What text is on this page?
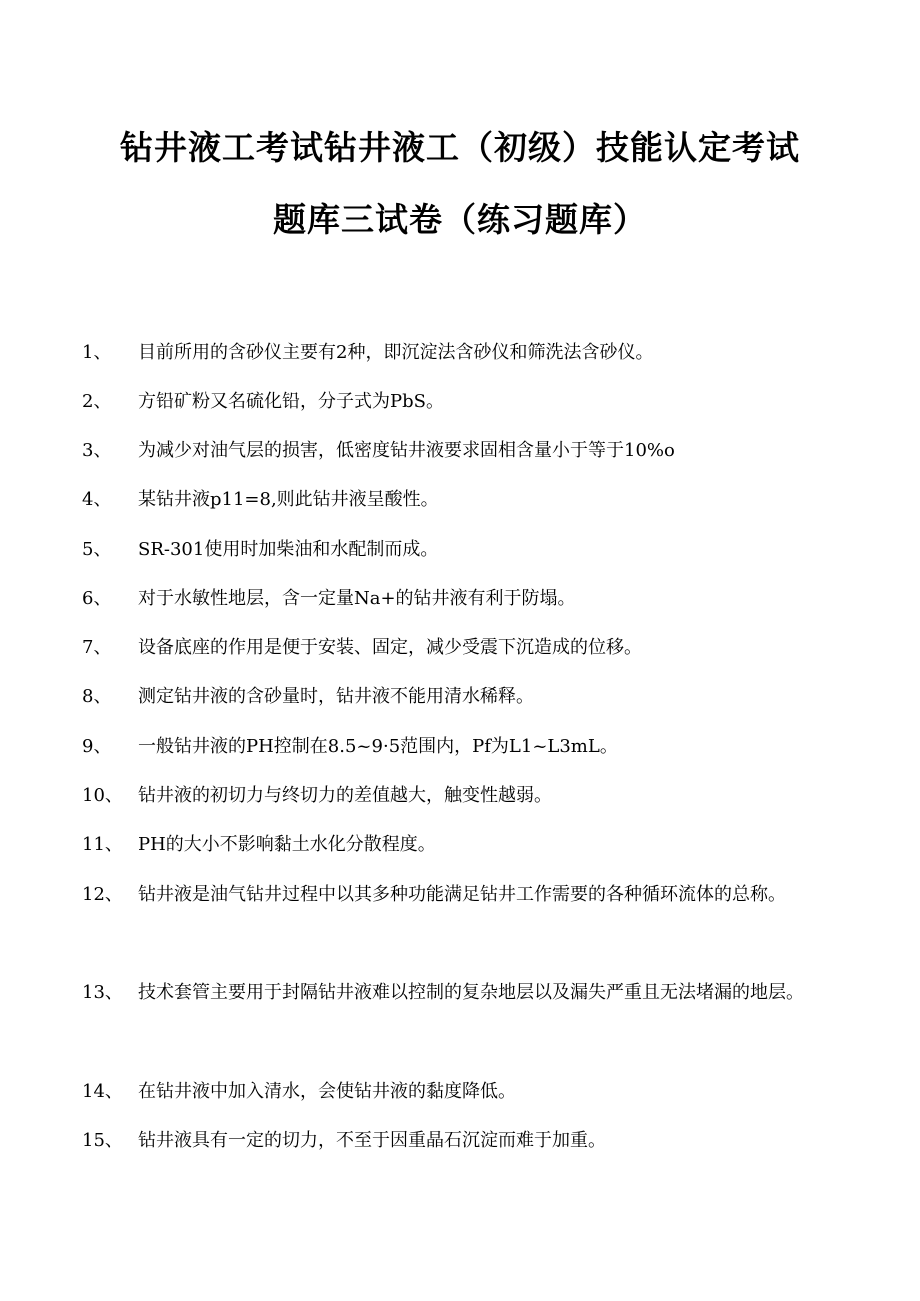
钻井液工考试钻井液工（初级）技能认定考试
题库三试卷（练习题库）
1、	目前所用的含砂仪主要有2种，即沉淀法含砂仪和筛洗法含砂仪。
2、	方铅矿粉又名硫化铅，分子式为PbS。
3、	为减少对油气层的损害，低密度钻井液要求固相含量小于等于10%o
4、	某钻井液p11=8,则此钻井液呈酸性。
5、	SR-301使用时加柴油和水配制而成。
6、	对于水敏性地层，含一定量Na+的钻井液有利于防塌。
7、	设备底座的作用是便于安装、固定，减少受震下沉造成的位移。
8、	测定钻井液的含砂量时，钻井液不能用清水稀释。
9、	一般钻井液的PH控制在8.5~9·5范围内，Pf为L1~L3mL。
10、 钻井液的初切力与终切力的差值越大，触变性越弱。
11、 PH的大小不影响黏土水化分散程度。
12、 钻井液是油气钻井过程中以其多种功能满足钻井工作需要的各种循环流体的总称。
13、 技术套管主要用于封隔钻井液难以控制的复杂地层以及漏失严重且无法堵漏的地层。
14、 在钻井液中加入清水，会使钻井液的黏度降低。
15、 钻井液具有一定的切力，不至于因重晶石沉淀而难于加重。
